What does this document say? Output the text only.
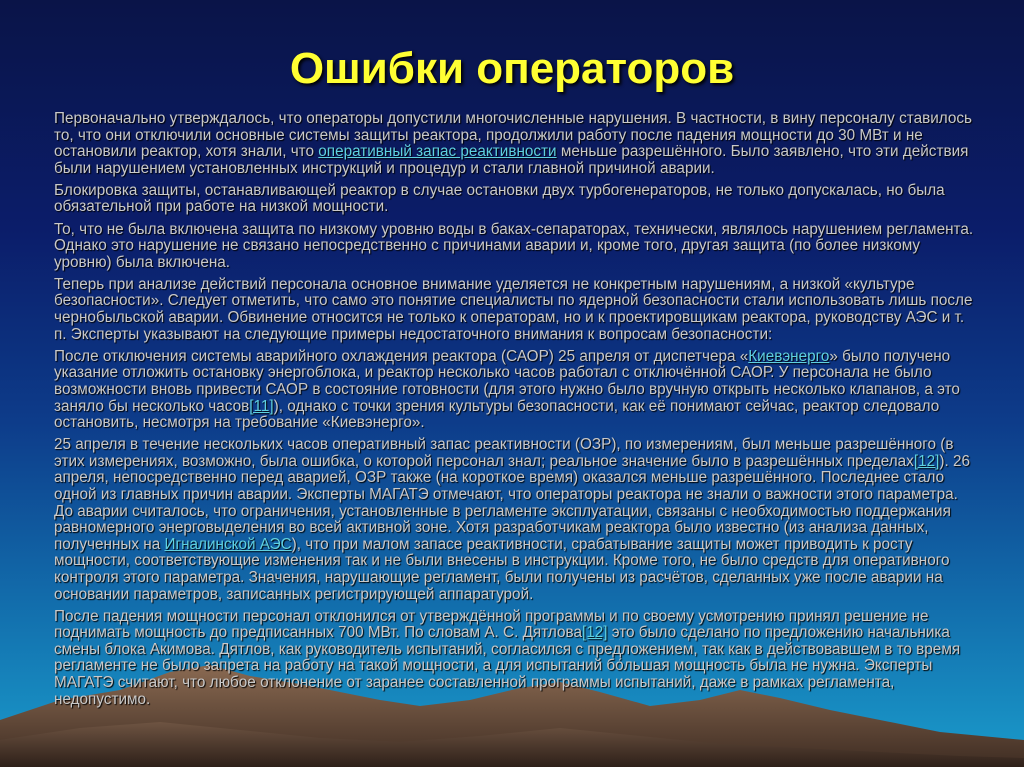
Ошибки операторов

Первоначально утверждалось, что операторы допустили многочисленные нарушения. В частности, в вину персоналу ставилось то, что они отключили основные системы защиты реактора, продолжили работу после падения мощности до 30 МВт и не остановили реактор, хотя знали, что оперативный запас реактивности меньше разрешённого. Было заявлено, что эти действия были нарушением установленных инструкций и процедур и стали главной причиной аварии.

Блокировка защиты, останавливающей реактор в случае остановки двух турбогенераторов, не только допускалась, но была обязательной при работе на низкой мощности.

То, что не была включена защита по низкому уровню воды в баках-сепараторах, технически, являлось нарушением регламента. Однако это нарушение не связано непосредственно с причинами аварии и, кроме того, другая защита (по более низкому уровню) была включена.

Теперь при анализе действий персонала основное внимание уделяется не конкретным нарушениям, а низкой «культуре безопасности». Следует отметить, что само это понятие специалисты по ядерной безопасности стали использовать лишь после чернобыльской аварии. Обвинение относится не только к операторам, но и к проектировщикам реактора, руководству АЭС и т. п. Эксперты указывают на следующие примеры недостаточного внимания к вопросам безопасности:

После отключения системы аварийного охлаждения реактора (САОР) 25 апреля от диспетчера «Киевэнерго» было получено указание отложить остановку энергоблока, и реактор несколько часов работал с отключённой САОР. У персонала не было возможности вновь привести САОР в состояние готовности (для этого нужно было вручную открыть несколько клапанов, а это заняло бы несколько часов[11]), однако с точки зрения культуры безопасности, как её понимают сейчас, реактор следовало остановить, несмотря на требование «Киевэнерго».

25 апреля в течение нескольких часов оперативный запас реактивности (ОЗР), по измерениям, был меньше разрешённого (в этих измерениях, возможно, была ошибка, о которой персонал знал; реальное значение было в разрешённых пределах[12]). 26 апреля, непосредственно перед аварией, ОЗР также (на короткое время) оказался меньше разрешённого. Последнее стало одной из главных причин аварии. Эксперты МАГАТЭ отмечают, что операторы реактора не знали о важности этого параметра. До аварии считалось, что ограничения, установленные в регламенте эксплуатации, связаны с необходимостью поддержания равномерного энерговыделения во всей активной зоне. Хотя разработчикам реактора было известно (из анализа данных, полученных на Игналинской АЭС), что при малом запасе реактивности, срабатывание защиты может приводить к росту мощности, соответствующие изменения так и не были внесены в инструкции. Кроме того, не было средств для оперативного контроля этого параметра. Значения, нарушающие регламент, были получены из расчётов, сделанных уже после аварии на основании параметров, записанных регистрирующей аппаратурой.

После падения мощности персонал отклонился от утверждённой программы и по своему усмотрению принял решение не поднимать мощность до предписанных 700 МВт. По словам А. С. Дятлова[12] это было сделано по предложению начальника смены блока Акимова. Дятлов, как руководитель испытаний, согласился с предложением, так как в действовавшем в то время регламенте не было запрета на работу на такой мощности, а для испытаний бо́льшая мощность была не нужна. Эксперты МАГАТЭ считают, что любое отклонение от заранее составленной программы испытаний, даже в рамках регламента, недопустимо.
